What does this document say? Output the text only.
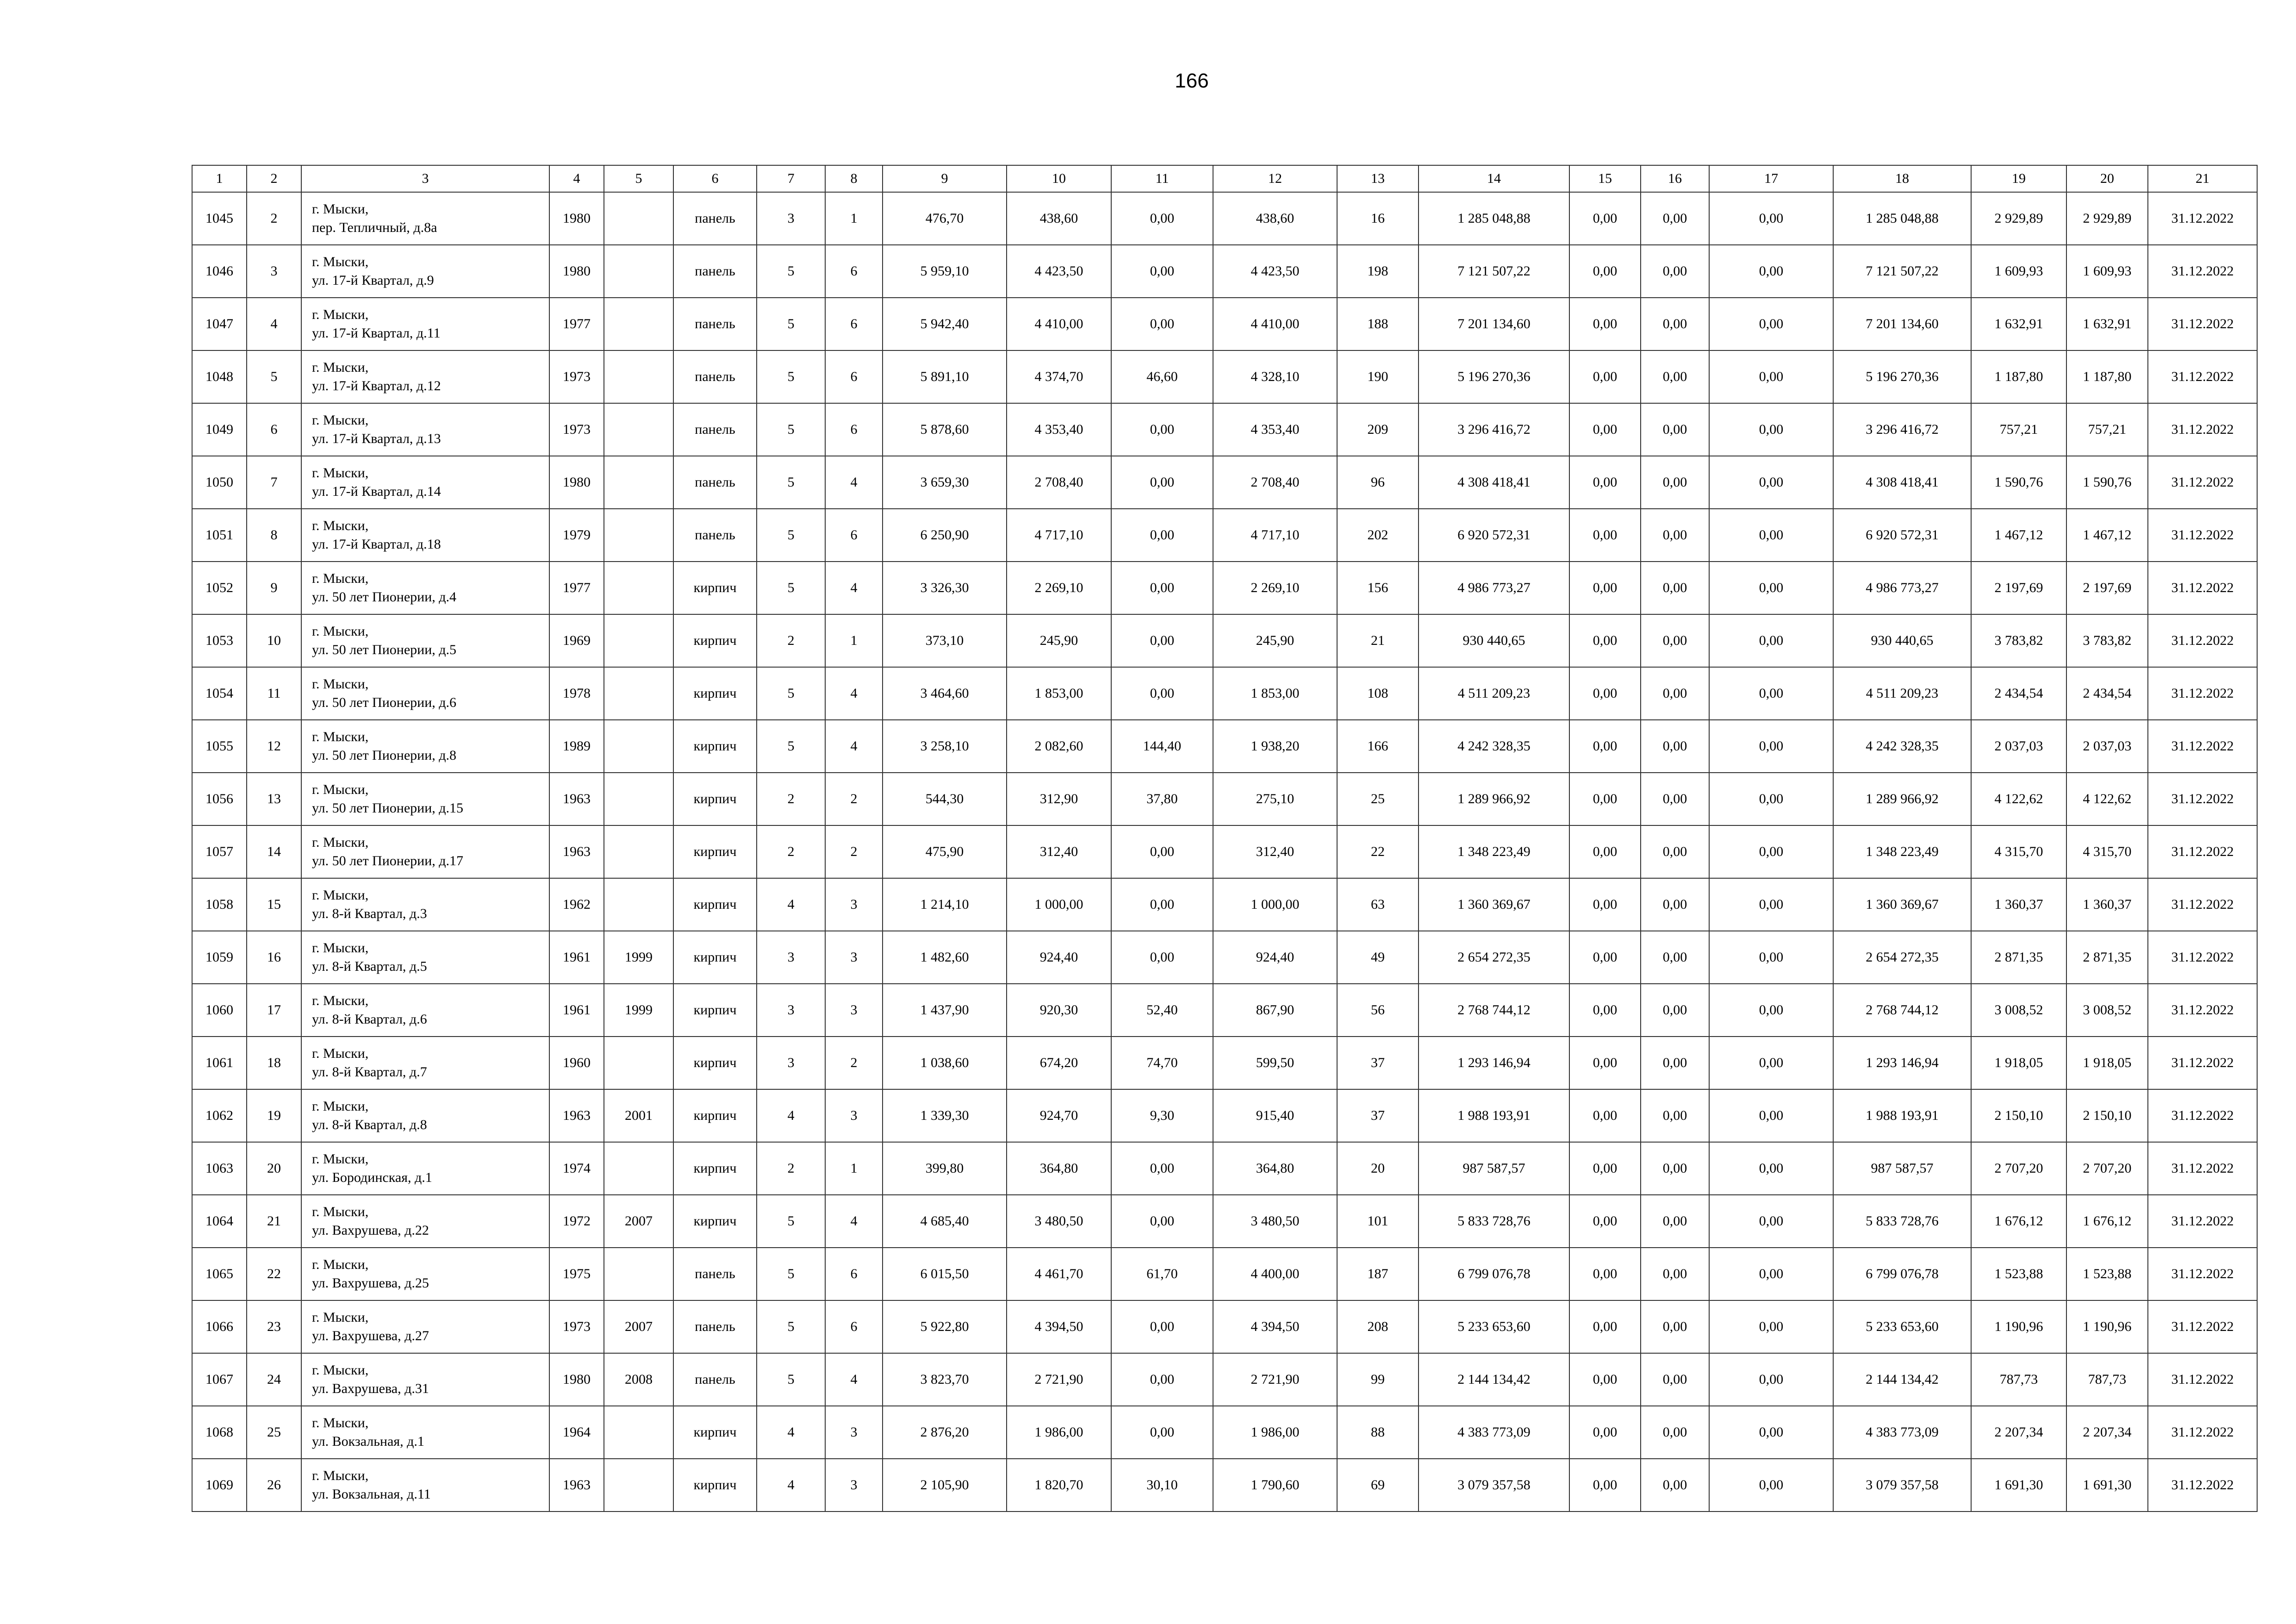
166
1	2	3	4	5	6	7	8	9	10	11	12	13	14	15	16	17	18	19	20	21
1045	2	г. Мыски,
пер. Тепличный, д.8а	1980		панель	3	1	476,70	438,60	0,00	438,60	16	1 285 048,88	0,00	0,00	0,00	1 285 048,88	2 929,89	2 929,89	31.12.2022
1046	3	г. Мыски,
ул. 17-й Квартал, д.9	1980		панель	5	6	5 959,10	4 423,50	0,00	4 423,50	198	7 121 507,22	0,00	0,00	0,00	7 121 507,22	1 609,93	1 609,93	31.12.2022
1047	4	г. Мыски,
ул. 17-й Квартал, д.11	1977		панель	5	6	5 942,40	4 410,00	0,00	4 410,00	188	7 201 134,60	0,00	0,00	0,00	7 201 134,60	1 632,91	1 632,91	31.12.2022
1048	5	г. Мыски,
ул. 17-й Квартал, д.12	1973		панель	5	6	5 891,10	4 374,70	46,60	4 328,10	190	5 196 270,36	0,00	0,00	0,00	5 196 270,36	1 187,80	1 187,80	31.12.2022
1049	6	г. Мыски,
ул. 17-й Квартал, д.13	1973		панель	5	6	5 878,60	4 353,40	0,00	4 353,40	209	3 296 416,72	0,00	0,00	0,00	3 296 416,72	757,21	757,21	31.12.2022
1050	7	г. Мыски,
ул. 17-й Квартал, д.14	1980		панель	5	4	3 659,30	2 708,40	0,00	2 708,40	96	4 308 418,41	0,00	0,00	0,00	4 308 418,41	1 590,76	1 590,76	31.12.2022
1051	8	г. Мыски,
ул. 17-й Квартал, д.18	1979		панель	5	6	6 250,90	4 717,10	0,00	4 717,10	202	6 920 572,31	0,00	0,00	0,00	6 920 572,31	1 467,12	1 467,12	31.12.2022
1052	9	г. Мыски,
ул. 50 лет Пионерии, д.4	1977		кирпич	5	4	3 326,30	2 269,10	0,00	2 269,10	156	4 986 773,27	0,00	0,00	0,00	4 986 773,27	2 197,69	2 197,69	31.12.2022
1053	10	г. Мыски,
ул. 50 лет Пионерии, д.5	1969		кирпич	2	1	373,10	245,90	0,00	245,90	21	930 440,65	0,00	0,00	0,00	930 440,65	3 783,82	3 783,82	31.12.2022
1054	11	г. Мыски,
ул. 50 лет Пионерии, д.6	1978		кирпич	5	4	3 464,60	1 853,00	0,00	1 853,00	108	4 511 209,23	0,00	0,00	0,00	4 511 209,23	2 434,54	2 434,54	31.12.2022
1055	12	г. Мыски,
ул. 50 лет Пионерии, д.8	1989		кирпич	5	4	3 258,10	2 082,60	144,40	1 938,20	166	4 242 328,35	0,00	0,00	0,00	4 242 328,35	2 037,03	2 037,03	31.12.2022
1056	13	г. Мыски,
ул. 50 лет Пионерии, д.15	1963		кирпич	2	2	544,30	312,90	37,80	275,10	25	1 289 966,92	0,00	0,00	0,00	1 289 966,92	4 122,62	4 122,62	31.12.2022
1057	14	г. Мыски,
ул. 50 лет Пионерии, д.17	1963		кирпич	2	2	475,90	312,40	0,00	312,40	22	1 348 223,49	0,00	0,00	0,00	1 348 223,49	4 315,70	4 315,70	31.12.2022
1058	15	г. Мыски,
ул. 8-й Квартал, д.3	1962		кирпич	4	3	1 214,10	1 000,00	0,00	1 000,00	63	1 360 369,67	0,00	0,00	0,00	1 360 369,67	1 360,37	1 360,37	31.12.2022
1059	16	г. Мыски,
ул. 8-й Квартал, д.5	1961	1999	кирпич	3	3	1 482,60	924,40	0,00	924,40	49	2 654 272,35	0,00	0,00	0,00	2 654 272,35	2 871,35	2 871,35	31.12.2022
1060	17	г. Мыски,
ул. 8-й Квартал, д.6	1961	1999	кирпич	3	3	1 437,90	920,30	52,40	867,90	56	2 768 744,12	0,00	0,00	0,00	2 768 744,12	3 008,52	3 008,52	31.12.2022
1061	18	г. Мыски,
ул. 8-й Квартал, д.7	1960		кирпич	3	2	1 038,60	674,20	74,70	599,50	37	1 293 146,94	0,00	0,00	0,00	1 293 146,94	1 918,05	1 918,05	31.12.2022
1062	19	г. Мыски,
ул. 8-й Квартал, д.8	1963	2001	кирпич	4	3	1 339,30	924,70	9,30	915,40	37	1 988 193,91	0,00	0,00	0,00	1 988 193,91	2 150,10	2 150,10	31.12.2022
1063	20	г. Мыски,
ул. Бородинская, д.1	1974		кирпич	2	1	399,80	364,80	0,00	364,80	20	987 587,57	0,00	0,00	0,00	987 587,57	2 707,20	2 707,20	31.12.2022
1064	21	г. Мыски,
ул. Вахрушева, д.22	1972	2007	кирпич	5	4	4 685,40	3 480,50	0,00	3 480,50	101	5 833 728,76	0,00	0,00	0,00	5 833 728,76	1 676,12	1 676,12	31.12.2022
1065	22	г. Мыски,
ул. Вахрушева, д.25	1975		панель	5	6	6 015,50	4 461,70	61,70	4 400,00	187	6 799 076,78	0,00	0,00	0,00	6 799 076,78	1 523,88	1 523,88	31.12.2022
1066	23	г. Мыски,
ул. Вахрушева, д.27	1973	2007	панель	5	6	5 922,80	4 394,50	0,00	4 394,50	208	5 233 653,60	0,00	0,00	0,00	5 233 653,60	1 190,96	1 190,96	31.12.2022
1067	24	г. Мыски,
ул. Вахрушева, д.31	1980	2008	панель	5	4	3 823,70	2 721,90	0,00	2 721,90	99	2 144 134,42	0,00	0,00	0,00	2 144 134,42	787,73	787,73	31.12.2022
1068	25	г. Мыски,
ул. Вокзальная, д.1	1964		кирпич	4	3	2 876,20	1 986,00	0,00	1 986,00	88	4 383 773,09	0,00	0,00	0,00	4 383 773,09	2 207,34	2 207,34	31.12.2022
1069	26	г. Мыски,
ул. Вокзальная, д.11	1963		кирпич	4	3	2 105,90	1 820,70	30,10	1 790,60	69	3 079 357,58	0,00	0,00	0,00	3 079 357,58	1 691,30	1 691,30	31.12.2022
